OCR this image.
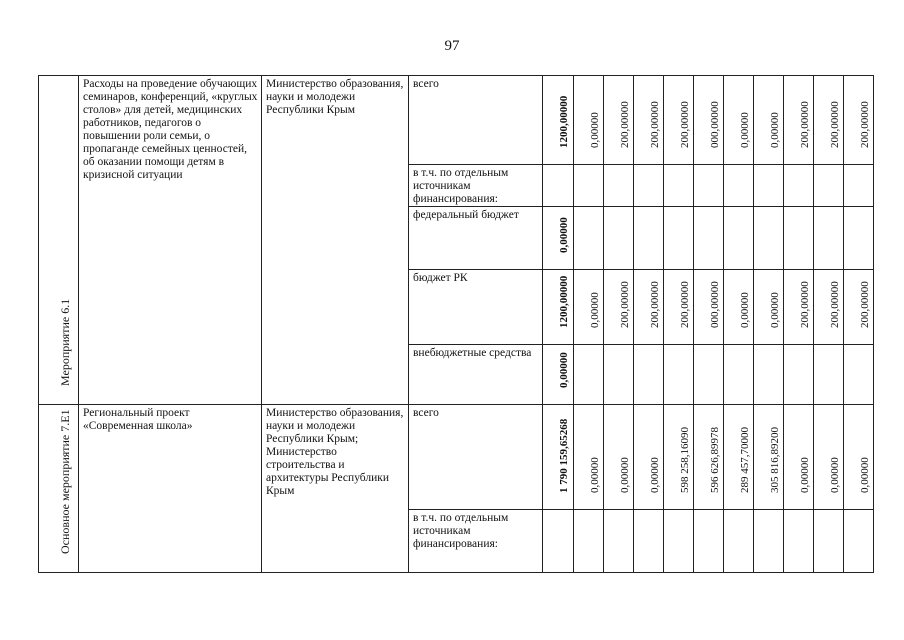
97
Мероприятие 6.1	Расходы на проведение обучающих семинаров, конференций, «круглых столов» для детей, медицинских работников, педагогов о повышении роли семьи, о пропаганде семейных ценностей, об оказании помощи детям в кризисной ситуации	Министерство образования, науки и молодежи Республики Крым	всего	1200,00000	0,00000	200,00000	200,00000	200,00000	000,00000	0,00000	0,00000	200,00000	200,00000	200,00000

			в т.ч. по отдельным источникам финансирования:											

			федеральный бюджет	0,00000										

			бюджет РК	1200,00000	0,00000	200,00000	200,00000	200,00000	000,00000	0,00000	0,00000	200,00000	200,00000	200,00000

			внебюджетные средства	0,00000										

Основное мероприятие 7.Е1	Региональный проект «Современная школа»	Министерство образования, науки и молодежи Республики Крым; Министерство строительства и архитектуры Республики Крым	всего	1 790 159,65268	0,00000	0,00000	0,00000	598 258,16090	596 626,89978	289 457,70000	305 816,89200	0,00000	0,00000	0,00000

			в т.ч. по отдельным источникам финансирования:											
